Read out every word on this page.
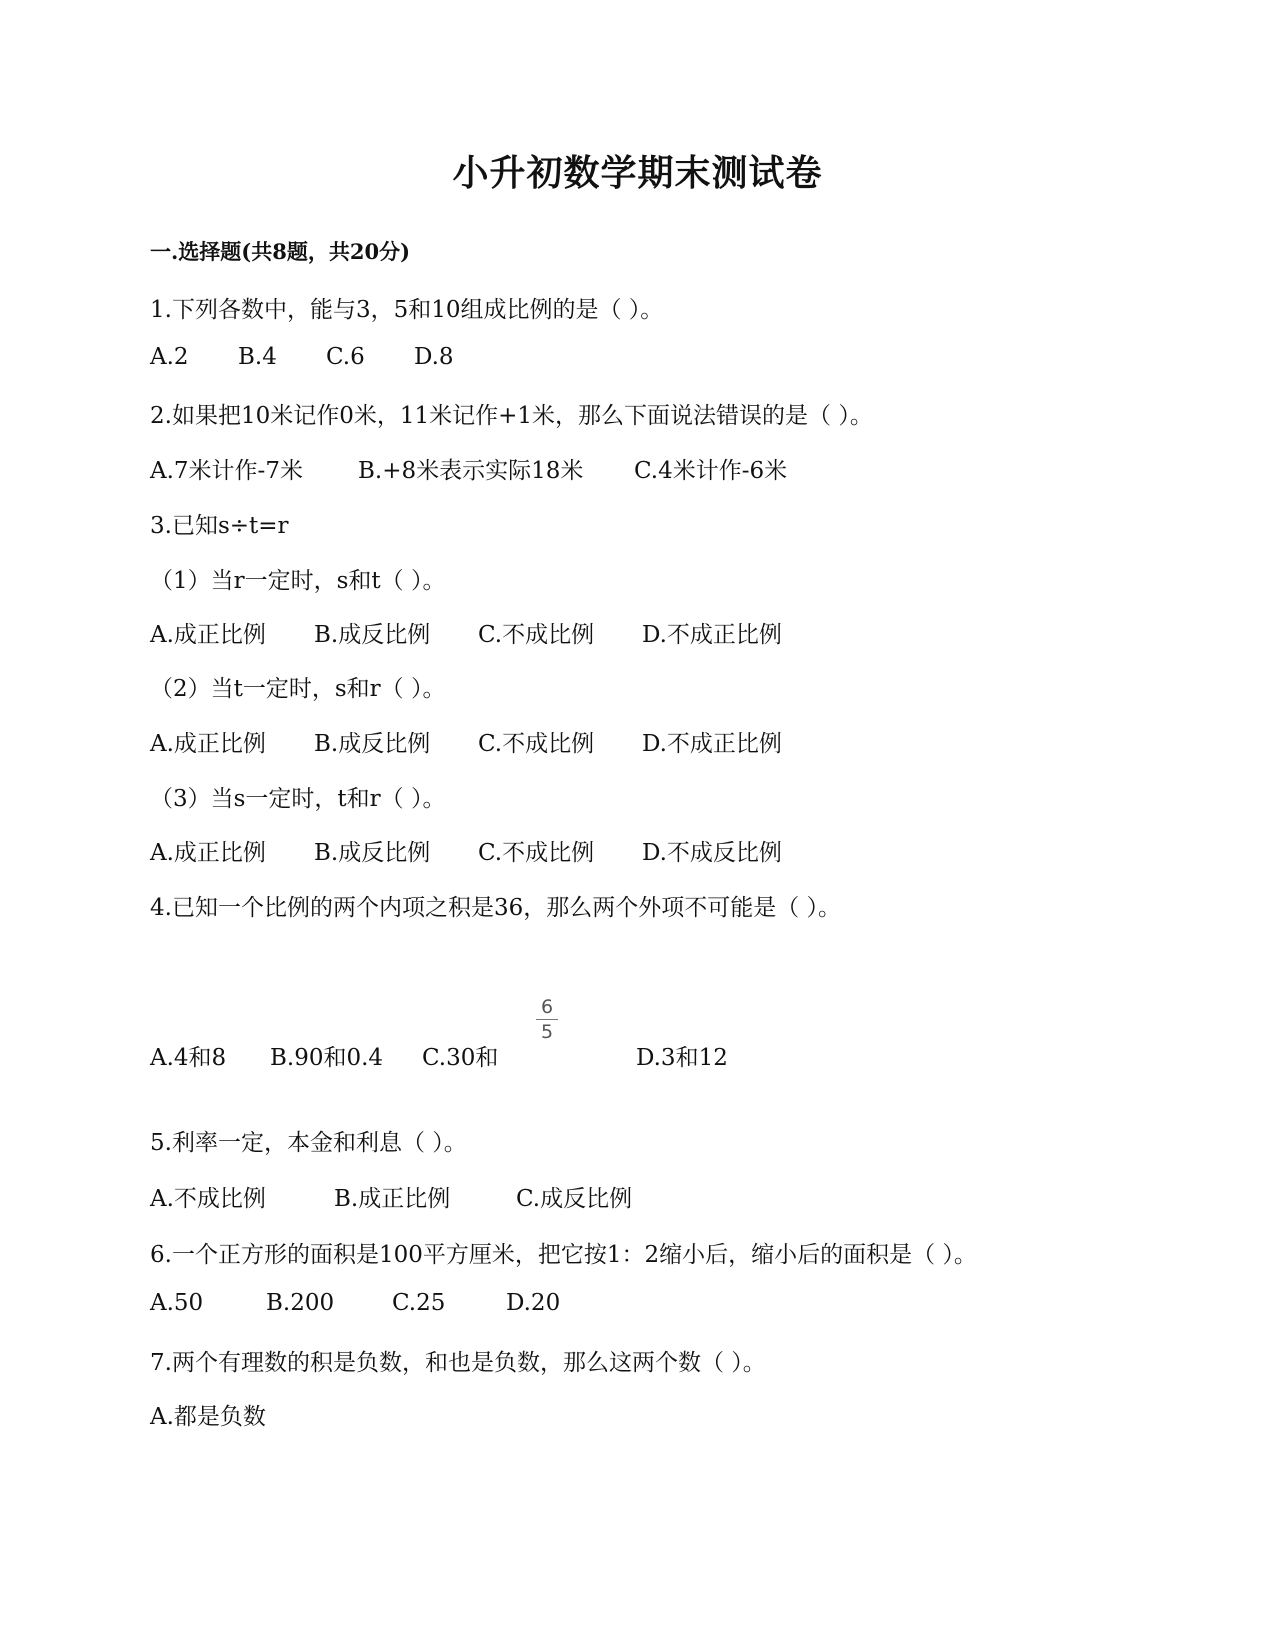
小升初数学期末测试卷
一.选择题(共8题，共20分)
1.下列各数中，能与3，5和10组成比例的是（ ）。
A.2 B.4 C.6 D.8
2.如果把10米记作0米，11米记作+1米，那么下面说法错误的是（ ）。
A.7米计作-7米 B.+8米表示实际18米 C.4米计作-6米
3.已知s÷t=r
（1）当r一定时，s和t（ ）。
A.成正比例 B.成反比例 C.不成比例 D.不成正比例
（2）当t一定时，s和r（ ）。
A.成正比例 B.成反比例 C.不成比例 D.不成正比例
（3）当s一定时，t和r（ ）。
A.成正比例 B.成反比例 C.不成比例 D.不成反比例
4.已知一个比例的两个内项之积是36，那么两个外项不可能是（ ）。
A.4和8 B.90和0.4 C.30和
$\frac{6}{5}$
D.3和12
5.利率一定，本金和利息（ ）。
A.不成比例	B.成正比例	C.成反比例
6.一个正方形的面积是100平方厘米，把它按1：2缩小后，缩小后的面积是（ ）。
A.50	B.200	C.25	D.20
7.两个有理数的积是负数，和也是负数，那么这两个数（ ）。
A.都是负数
